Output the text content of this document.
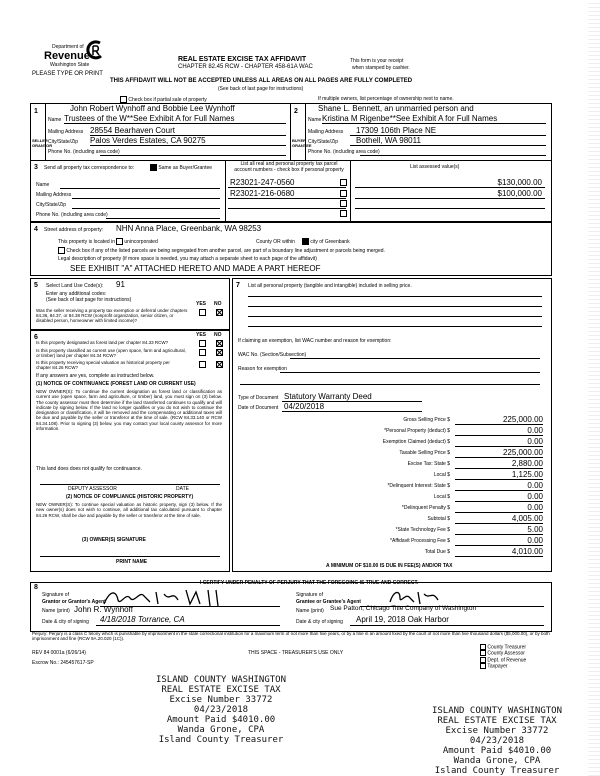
Department of
Revenue
Washington State
PLEASE TYPE OR PRINT
REAL ESTATE EXCISE TAX AFFIDAVIT
CHAPTER 82.45 RCW - CHAPTER 458-61A WAC
This form is your receipt
when stamped by cashier.
THIS AFFIDAVIT WILL NOT BE ACCEPTED UNLESS ALL AREAS ON ALL PAGES ARE FULLY COMPLETED
(See back of last page for instructions)
Check box if partial sale of property	If multiple owners, list percentage of ownership next to name.
1	2
SELLER GRANTOR
BUYER GRANTEE
John Robert Wynhoff and Bobbie Lee Wynhoff
Name Trustees of the W**See Exhibit A for Full Names
Mailing Address 28554 Bearhaven Court
City/State/Zip Palos Verdes Estates, CA 90275
Phone No. (including area code)
Shane L. Bennett, an unmarried person and
Name Kristina M Rigenbe**See Exhibit A for Full Names
Mailing Address 17309 106th Place NE
City/State/Zip Bothell, WA 98011
Phone No. (including area code)
3 Send all property tax correspondence to:	Same as Buyer/Grantee
List all real and personal property tax parcel
account numbers - check box if personal property	List assessed value(s)
Name
Mailing Address
City/State/Zip
Phone No. (including area code)
R23021-247-0560	$130,000.00
R23021-216-0680	$100,000.00
4 Street address of property: NHN Anna Place, Greenbank, WA 98253
This property is located in	unincorporated	County OR within	city of Greenbank
Check box if any of the listed parcels are being segregated from another parcel, are part of a boundary line adjustment or parcels being merged.
Legal description of property (if more space is needed, you may attach a separate sheet to each page of the affidavit)
SEE EXHIBIT "A" ATTACHED HERETO AND MADE A PART HEREOF
5 Select Land Use Code(s): 91
Enter any additional codes:
(See back of last page for instructions)
YES NO
Was the seller receiving a property tax exemption or deferral under chapters 84.36, 84.37, or 84.38 RCW (nonprofit organization, senior citizen, or disabled person, homeowner with limited income)?
6	YES NO
Is this property designated as forest land per chapter 84.33 RCW?
Is this property classified as current use (open space, farm and agricultural, or timber) land per chapter 84.34 RCW?
Is this property receiving special valuation as historical property per chapter 84.26 RCW?
If any answers are yes, complete as instructed below.
(1) NOTICE OF CONTINUANCE (FOREST LAND OR CURRENT USE)
NEW OWNER(S): To continue the current designation as forest land or classification as current use (open space, farm and agriculture, or timber) land, you must sign on (3) below. The county assessor must then determine if the land transferred continues to qualify and will indicate by signing below. If the land no longer qualifies or you do not wish to continue the designation or classification, it will be removed and the compensating or additional taxes will be due and payable by the seller or transferor at the time of sale. (RCW 84.33.140 or RCW 84.34.108). Prior to signing (3) below, you may contact your local county assessor for more information.
This land does does not qualify for continuance.
DEPUTY ASSESSOR	DATE
(2) NOTICE OF COMPLIANCE (HISTORIC PROPERTY)
NEW OWNER(S): To continue special valuation as historic property, sign (3) below. If the new owner(s) does not wish to continue, all additional tax calculated pursuant to chapter 84.26 RCW, shall be due and payable by the seller or transferor at the time of sale.
(3) OWNER(S) SIGNATURE
PRINT NAME
7 List all personal property (tangible and intangible) included in selling price.
If claiming an exemption, list WAC number and reason for exemption:
WAC No. (Section/Subsection)
Reason for exemption
Type of Document Statutory Warranty Deed
Date of Document 04/20/2018
Gross Selling Price $	225,000.00
*Personal Property (deduct) $	0.00
Exemption Claimed (deduct) $	0.00
Taxable Selling Price $	225,000.00
Excise Tax: State $	2,880.00
Local $	1,125.00
*Delinquent Interest: State $	0.00
Local $	0.00
*Delinquent Penalty $	0.00
Subtotal $	4,005.00
*State Technology Fee $	5.00
*Affidavit Processing Fee $	0.00
Total Due $	4,010.00
A MINIMUM OF $10.00 IS DUE IN FEE(S) AND/OR TAX
8
I CERTIFY UNDER PENALTY OF PERJURY THAT THE FOREGOING IS TRUE AND CORRECT.
Signature of
Grantor or Grantor's Agent
Name (print) John R. Wynhoff
Date & city of signing 4/18/2018 Torrance, CA
Signature of
Grantee or Grantee's Agent
Name (print) Sue Patton, Chicago Title Company of Washington
Date & city of signing April 19, 2018 Oak Harbor
Perjury: Perjury is a class C felony which is punishable by imprisonment in the state correctional institution for a maximum term of not more than five years, or by a fine in an amount fixed by the court of not more than five thousand dollars ($5,000.00), or by both imprisonment and fine (RCW 9A.20.020 (1C)).
REV 84 0001a (6/26/14)	THIS SPACE - TREASURER'S USE ONLY
Escrow No.: 245457617-SP
County Treasurer
County Assessor
Dept. of Revenue
Taxpayer
ISLAND COUNTY WASHINGTON
REAL ESTATE EXCISE TAX
Excise Number 33772
04/23/2018
Amount Paid $4010.00
Wanda Grone, CPA
Island County Treasurer
ISLAND COUNTY WASHINGTON
REAL ESTATE EXCISE TAX
Excise Number 33772
04/23/2018
Amount Paid $4010.00
Wanda Grone, CPA
Island County Treasurer
